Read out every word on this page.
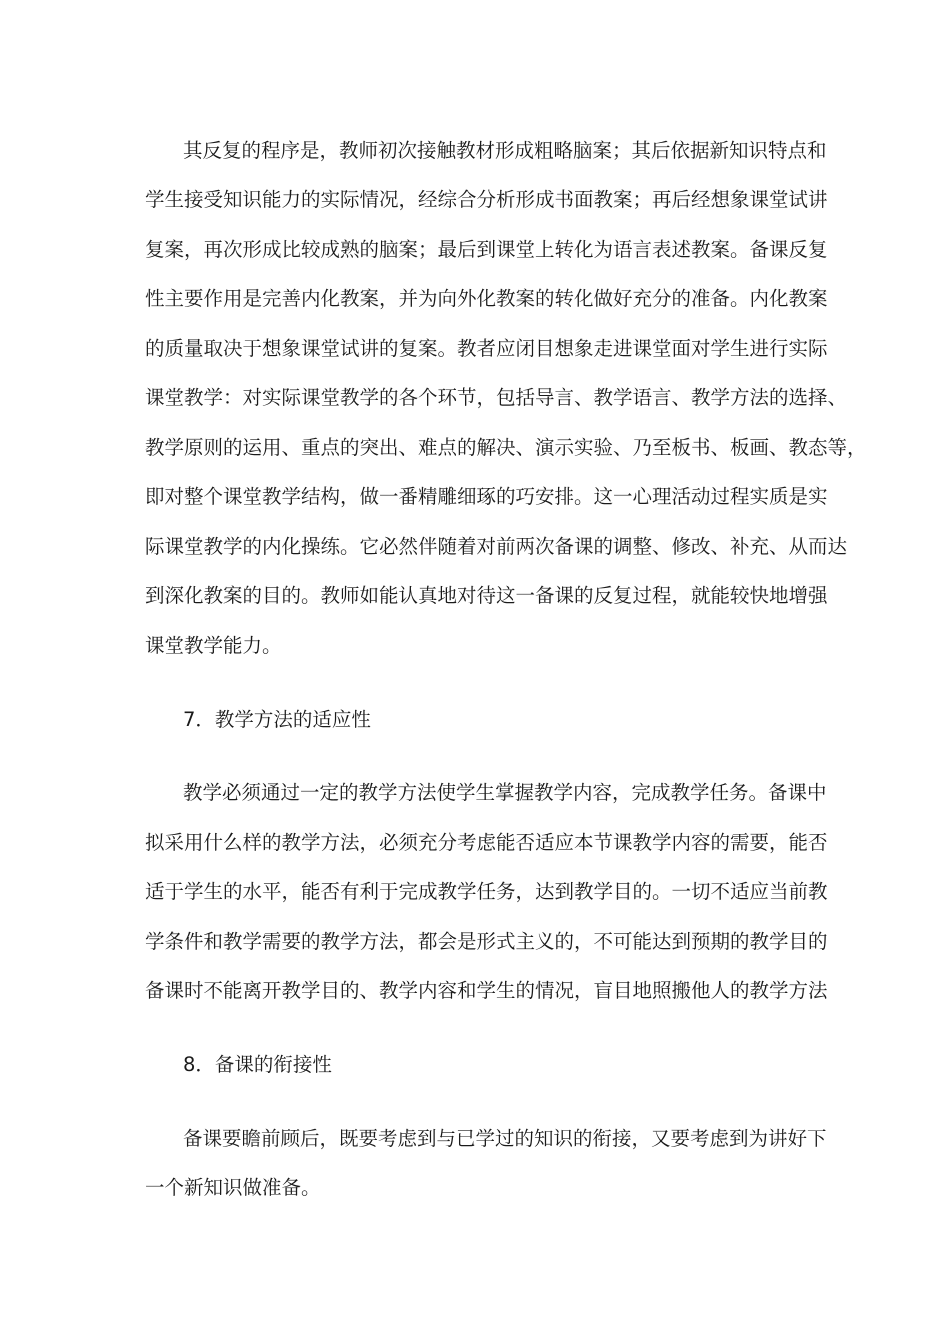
其反复的程序是，教师初次接触教材形成粗略脑案；其后依据新知识特点和
学生接受知识能力的实际情况，经综合分析形成书面教案；再后经想象课堂试讲
复案，再次形成比较成熟的脑案；最后到课堂上转化为语言表述教案。备课反复
性主要作用是完善内化教案，并为向外化教案的转化做好充分的准备。内化教案
的质量取决于想象课堂试讲的复案。教者应闭目想象走进课堂面对学生进行实际
课堂教学：对实际课堂教学的各个环节，包括导言、教学语言、教学方法的选择、
教学原则的运用、重点的突出、难点的解决、演示实验、乃至板书、板画、教态等，
即对整个课堂教学结构，做一番精雕细琢的巧安排。这一心理活动过程实质是实
际课堂教学的内化操练。它必然伴随着对前两次备课的调整、修改、补充、从而达
到深化教案的目的。教师如能认真地对待这一备课的反复过程，就能较快地增强
课堂教学能力。
7．教学方法的适应性
教学必须通过一定的教学方法使学生掌握教学内容，完成教学任务。备课中
拟采用什么样的教学方法，必须充分考虑能否适应本节课教学内容的需要，能否
适于学生的水平，能否有利于完成教学任务，达到教学目的。一切不适应当前教
学条件和教学需要的教学方法，都会是形式主义的，不可能达到预期的教学目的
备课时不能离开教学目的、教学内容和学生的情况，盲目地照搬他人的教学方法
8．备课的衔接性
备课要瞻前顾后，既要考虑到与已学过的知识的衔接，又要考虑到为讲好下
一个新知识做准备。
